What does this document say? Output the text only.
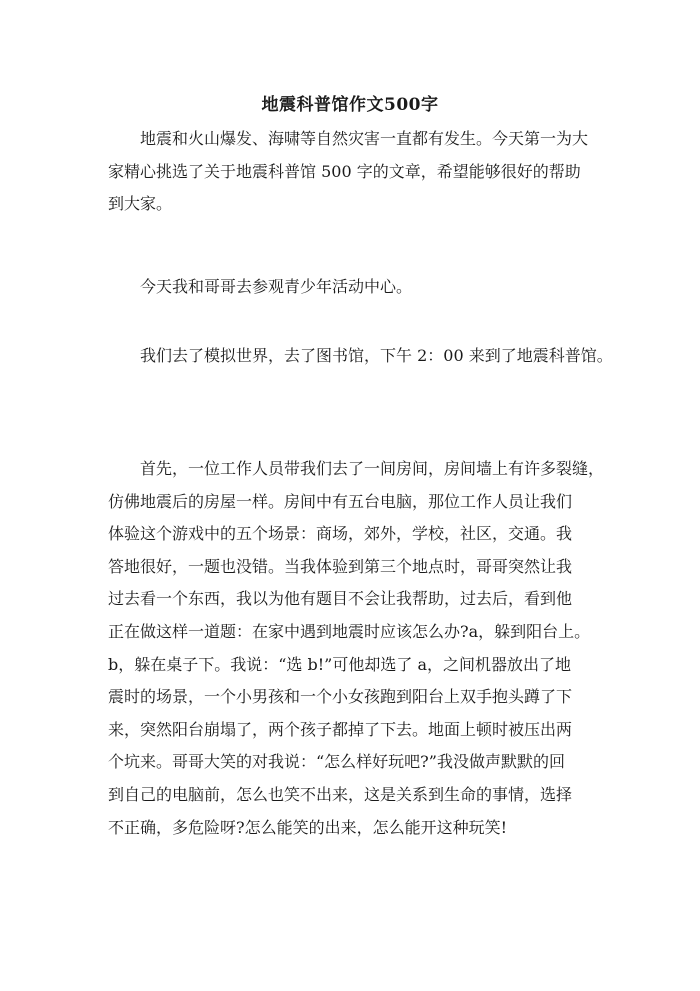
地震科普馆作文500字

　　地震和火山爆发、海啸等自然灾害一直都有发生。今天第一为大
家精心挑选了关于地震科普馆 500 字的文章，希望能够很好的帮助
到大家。

　　今天我和哥哥去参观青少年活动中心。

　　我们去了模拟世界，去了图书馆，下午 2：00 来到了地震科普馆。

　　首先，一位工作人员带我们去了一间房间，房间墙上有许多裂缝，
仿佛地震后的房屋一样。房间中有五台电脑，那位工作人员让我们
体验这个游戏中的五个场景：商场，郊外，学校，社区，交通。我
答地很好，一题也没错。当我体验到第三个地点时，哥哥突然让我
过去看一个东西，我以为他有题目不会让我帮助，过去后，看到他
正在做这样一道题：在家中遇到地震时应该怎么办?a，躲到阳台上。
b，躲在桌子下。我说：“选 b!”可他却选了 a，之间机器放出了地
震时的场景，一个小男孩和一个小女孩跑到阳台上双手抱头蹲了下
来，突然阳台崩塌了，两个孩子都掉了下去。地面上顿时被压出两
个坑来。哥哥大笑的对我说：“怎么样好玩吧?”我没做声默默的回
到自己的电脑前，怎么也笑不出来，这是关系到生命的事情，选择
不正确，多危险呀?怎么能笑的出来，怎么能开这种玩笑!
